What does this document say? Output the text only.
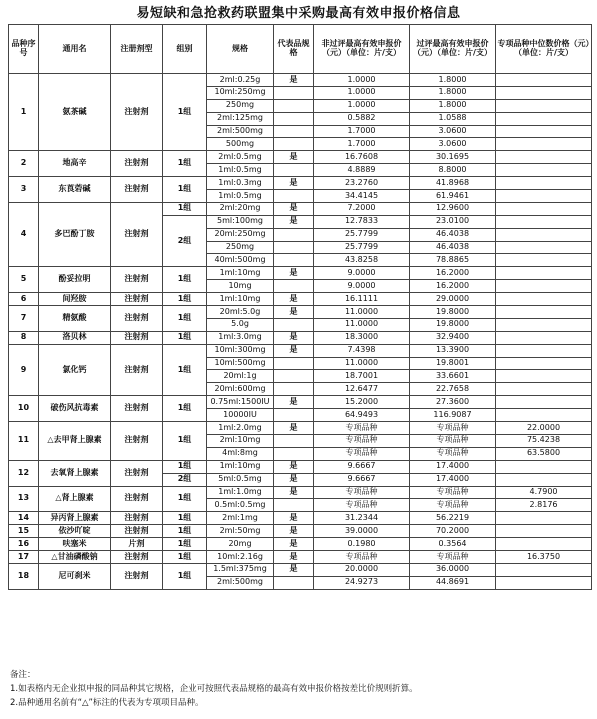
易短缺和急抢救药联盟集中采购最高有效申报价格信息
品种序号	通用名	注册剂型	组别	规格	代表品规格	非过评最高有效申报价（元）（单位：片/支）	过评最高有效申报价（元）（单位：片/支）	专项品种中位数价格（元）（单位：片/支）
1	氨茶碱	注射剂	1组	2ml:0.25g	是	1.0000	1.8000	
				10ml:250mg		1.0000	1.8000	
				250mg		1.0000	1.8000	
				2ml:125mg		0.5882	1.0588	
				2ml:500mg		1.7000	3.0600	
				500mg		1.7000	3.0600	
2	地高辛	注射剂	1组	2ml:0.5mg	是	16.7608	30.1695	
				1ml:0.5mg		4.8889	8.8000	
3	东莨菪碱	注射剂	1组	1ml:0.3mg	是	23.2760	41.8968	
				1ml:0.5mg		34.4145	61.9461	
4	多巴酚丁胺	注射剂	1组	2ml:20mg	是	7.2000	12.9600	
			2组	5ml:100mg	是	12.7833	23.0100	
				20ml:250mg		25.7799	46.4038	
				250mg		25.7799	46.4038	
				40ml:500mg		43.8258	78.8865	
5	酚妥拉明	注射剂	1组	1ml:10mg	是	9.0000	16.2000	
				10mg		9.0000	16.2000	
6	间羟胺	注射剂	1组	1ml:10mg	是	16.1111	29.0000	
7	精氨酸	注射剂	1组	20ml:5.0g	是	11.0000	19.8000	
				5.0g		11.0000	19.8000	
8	洛贝林	注射剂	1组	1ml:3.0mg	是	18.3000	32.9400	
9	氯化钙	注射剂	1组	10ml:300mg	是	7.4398	13.3900	
				10ml:500mg		11.0000	19.8001	
				20ml:1g		18.7001	33.6601	
				20ml:600mg		12.6477	22.7658	
10	破伤风抗毒素	注射剂	1组	0.75ml:1500IU	是	15.2000	27.3600	
				10000IU		64.9493	116.9087	
11	△去甲肾上腺素	注射剂	1组	1ml:2.0mg	是	专项品种	专项品种	22.0000
				2ml:10mg		专项品种	专项品种	75.4238
				4ml:8mg		专项品种	专项品种	63.5800
12	去氧肾上腺素	注射剂	1组	1ml:10mg	是	9.6667	17.4000	
			2组	5ml:0.5mg	是	9.6667	17.4000	
13	△肾上腺素	注射剂	1组	1ml:1.0mg	是	专项品种	专项品种	4.7900
				0.5ml:0.5mg		专项品种	专项品种	2.8176
14	异丙肾上腺素	注射剂	1组	2ml:1mg	是	31.2344	56.2219	
15	依沙吖啶	注射剂	1组	2ml:50mg	是	39.0000	70.2000	
16	呋塞米	片剂	1组	20mg	是	0.1980	0.3564	
17	△甘油磷酸钠	注射剂	1组	10ml:2.16g	是	专项品种	专项品种	16.3750
18	尼可刹米	注射剂	1组	1.5ml:375mg	是	20.0000	36.0000	
				2ml:500mg		24.9273	44.8691	
备注：
1.如表格内无企业拟申报的同品种其它规格，企业可按照代表品规格的最高有效申报价格按差比价规则折算。
2.品种通用名前有“△”标注的代表为专项项目品种。
